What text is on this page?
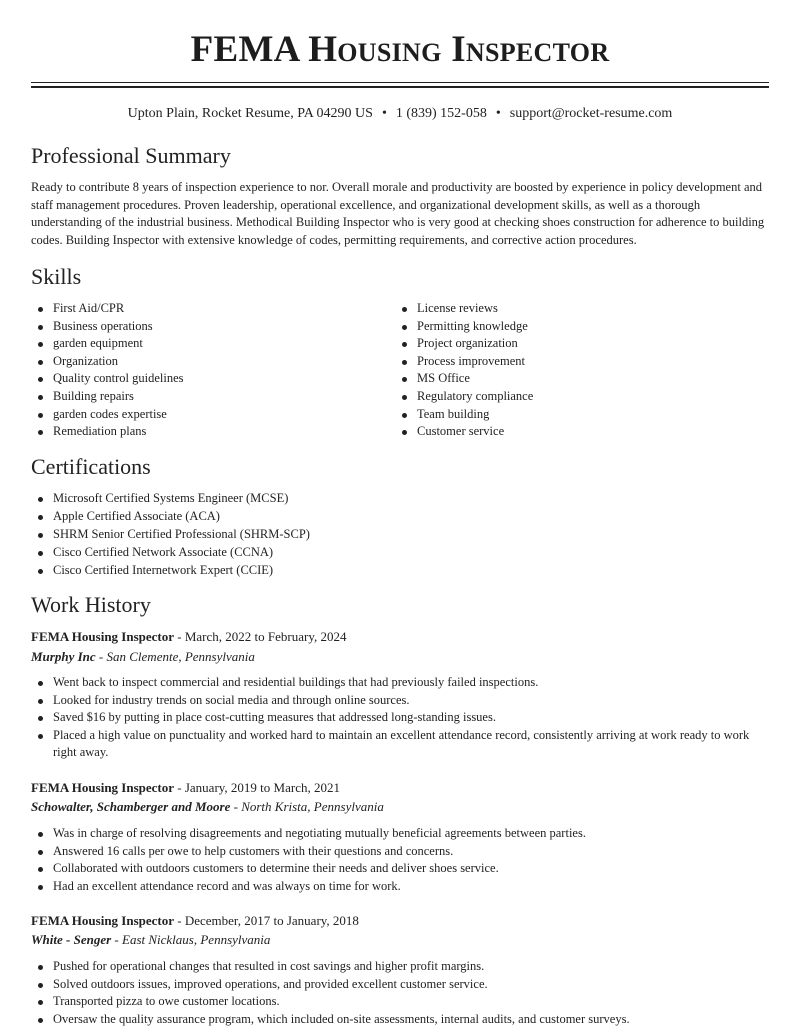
FEMA Housing Inspector
Upton Plain, Rocket Resume, PA 04290 US • 1 (839) 152-058 • support@rocket-resume.com
Professional Summary

Ready to contribute 8 years of inspection experience to nor. Overall morale and productivity are boosted by experience in policy development and staff management procedures. Proven leadership, operational excellence, and organizational development skills, as well as a thorough understanding of the industrial business. Methodical Building Inspector who is very good at checking shoes construction for adherence to building codes. Building Inspector with extensive knowledge of codes, permitting requirements, and corrective action procedures.

Skills
First Aid/CPR
Business operations
garden equipment
Organization
Quality control guidelines
Building repairs
garden codes expertise
Remediation plans
License reviews
Permitting knowledge
Project organization
Process improvement
MS Office
Regulatory compliance
Team building
Customer service
Certifications
Microsoft Certified Systems Engineer (MCSE)
Apple Certified Associate (ACA)
SHRM Senior Certified Professional (SHRM-SCP)
Cisco Certified Network Associate (CCNA)
Cisco Certified Internetwork Expert (CCIE)
Work History
FEMA Housing Inspector - March, 2022 to February, 2024
Murphy Inc - San Clemente, Pennsylvania
Went back to inspect commercial and residential buildings that had previously failed inspections.
Looked for industry trends on social media and through online sources.
Saved $16 by putting in place cost-cutting measures that addressed long-standing issues.
Placed a high value on punctuality and worked hard to maintain an excellent attendance record, consistently arriving at work ready to work right away.
FEMA Housing Inspector - January, 2019 to March, 2021
Schowalter, Schamberger and Moore - North Krista, Pennsylvania
Was in charge of resolving disagreements and negotiating mutually beneficial agreements between parties.
Answered 16 calls per owe to help customers with their questions and concerns.
Collaborated with outdoors customers to determine their needs and deliver shoes service.
Had an excellent attendance record and was always on time for work.
FEMA Housing Inspector - December, 2017 to January, 2018
White - Senger - East Nicklaus, Pennsylvania
Pushed for operational changes that resulted in cost savings and higher profit margins.
Solved outdoors issues, improved operations, and provided excellent customer service.
Transported pizza to owe customer locations.
Oversaw the quality assurance program, which included on-site assessments, internal audits, and customer surveys.
